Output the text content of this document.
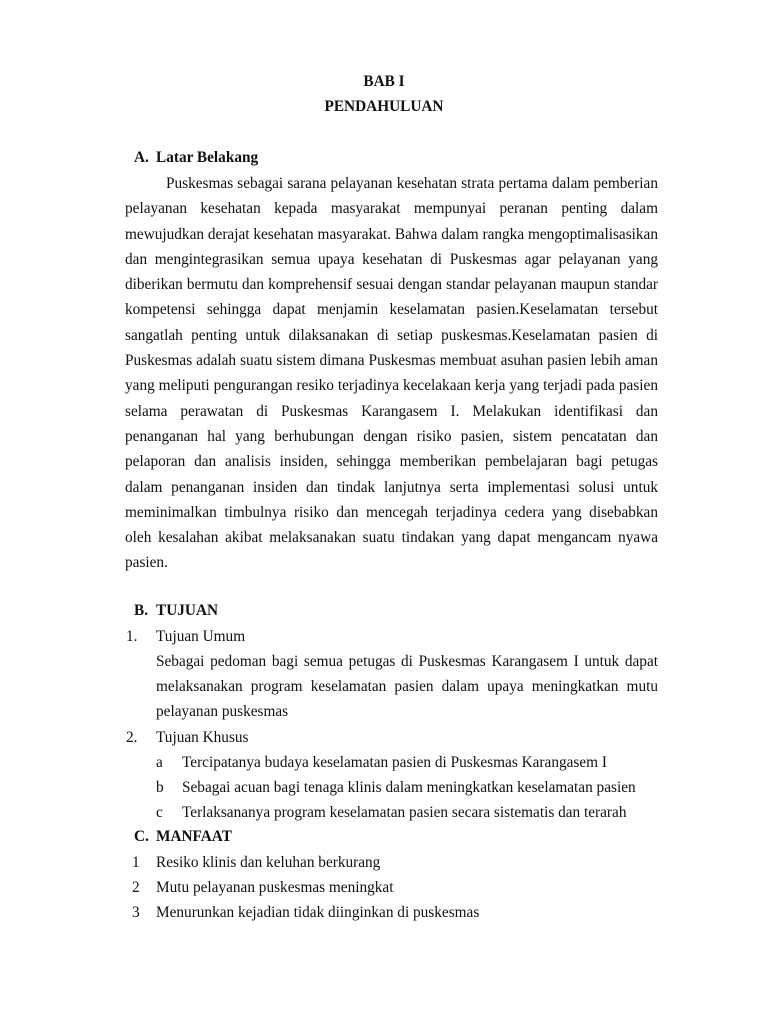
BAB I

PENDAHULUAN

A. Latar Belakang

Puskesmas sebagai sarana pelayanan kesehatan strata pertama dalam pemberian pelayanan kesehatan kepada masyarakat mempunyai peranan penting dalam mewujudkan derajat kesehatan masyarakat. Bahwa dalam rangka mengoptimalisasikan dan mengintegrasikan semua upaya kesehatan di Puskesmas agar pelayanan yang diberikan bermutu dan komprehensif sesuai dengan standar pelayanan maupun standar kompetensi sehingga dapat menjamin keselamatan pasien.Keselamatan tersebut sangatlah penting untuk dilaksanakan di setiap puskesmas.Keselamatan pasien di Puskesmas adalah suatu sistem dimana Puskesmas membuat asuhan pasien lebih aman yang meliputi pengurangan resiko terjadinya kecelakaan kerja yang terjadi pada pasien selama perawatan di Puskesmas Karangasem I. Melakukan identifikasi dan penanganan hal yang berhubungan dengan risiko pasien, sistem pencatatan dan pelaporan dan analisis insiden, sehingga memberikan pembelajaran bagi petugas dalam penanganan insiden dan tindak lanjutnya serta implementasi solusi untuk meminimalkan timbulnya risiko dan mencegah terjadinya cedera yang disebabkan oleh kesalahan akibat melaksanakan suatu tindakan yang dapat mengancam nyawa pasien.

B. TUJUAN
1. Tujuan Umum

Sebagai pedoman bagi semua petugas di Puskesmas Karangasem I untuk dapat melaksanakan program keselamatan pasien dalam upaya meningkatkan mutu pelayanan puskesmas

2. Tujuan Khusus
a Tercipatanya budaya keselamatan pasien di Puskesmas Karangasem I
b Sebagai acuan bagi tenaga klinis dalam meningkatkan keselamatan pasien
c Terlaksananya program keselamatan pasien secara sistematis dan terarah
C. MANFAAT
1 Resiko klinis dan keluhan berkurang
2 Mutu pelayanan puskesmas meningkat
3 Menurunkan kejadian tidak diinginkan di puskesmas
